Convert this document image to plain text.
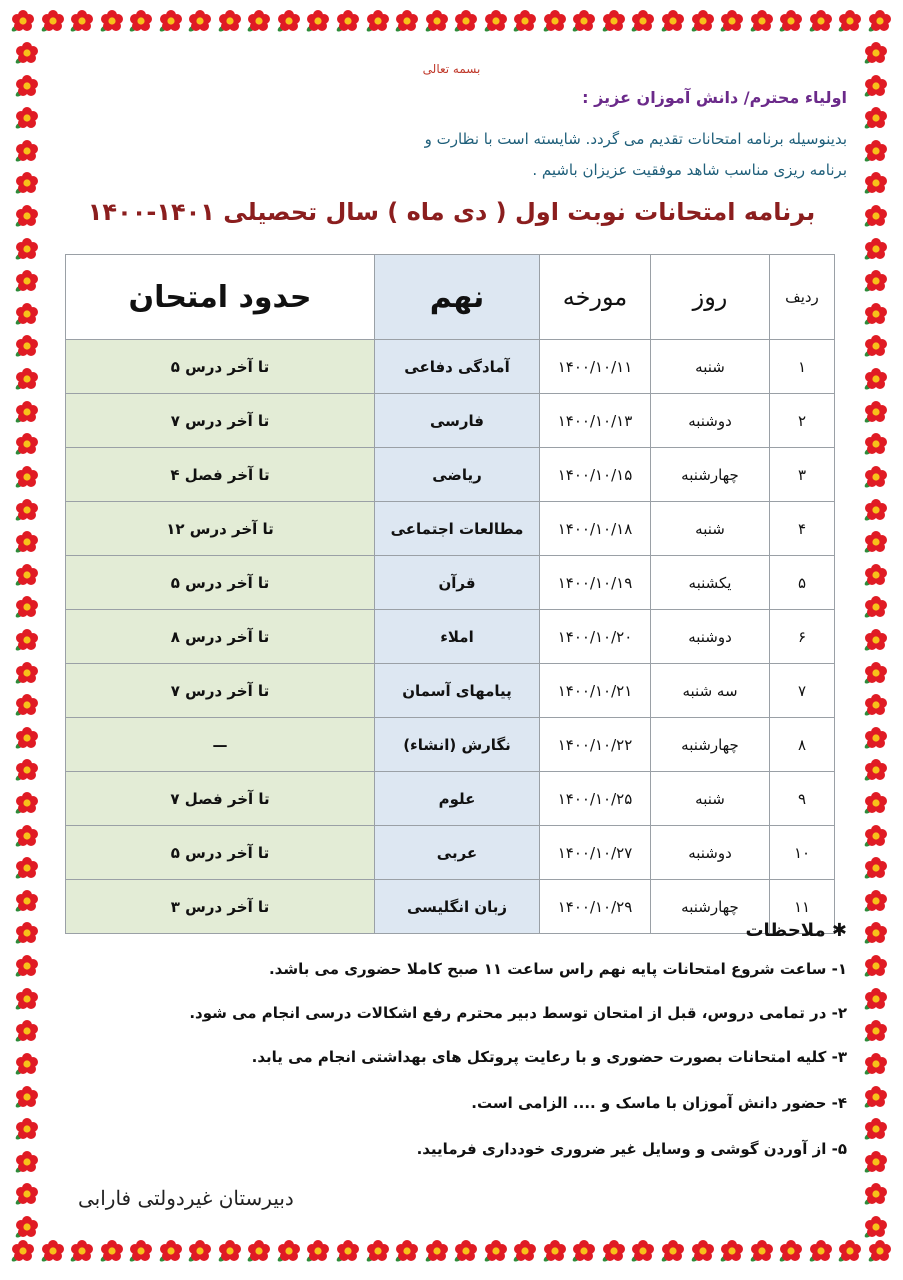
بسمه تعالی
اولیاء محترم/ دانش آموزان عزیز :
بدینوسیله برنامه امتحانات تقدیم می گردد. شایسته است با نظارت و
برنامه ریزی مناسب شاهد موفقیت عزیزان باشیم .
برنامه امتحانات نوبت اول ( دی ماه ) سال تحصیلی ۱۴۰۱-۱۴۰۰
ردیف	روز	مورخه	نهم	حدود امتحان
۱	شنبه	۱۴۰۰/۱۰/۱۱	آمادگی دفاعی	تا آخر درس ۵
۲	دوشنبه	۱۴۰۰/۱۰/۱۳	فارسی	تا آخر درس ۷
۳	چهارشنبه	۱۴۰۰/۱۰/۱۵	ریاضی	تا آخر فصل ۴
۴	شنبه	۱۴۰۰/۱۰/۱۸	مطالعات اجتماعی	تا آخر درس ۱۲
۵	یکشنبه	۱۴۰۰/۱۰/۱۹	قرآن	تا آخر درس ۵
۶	دوشنبه	۱۴۰۰/۱۰/۲۰	املاء	تا آخر درس ۸
۷	سه شنبه	۱۴۰۰/۱۰/۲۱	پیامهای آسمان	تا آخر درس ۷
۸	چهارشنبه	۱۴۰۰/۱۰/۲۲	نگارش (انشاء)	—
۹	شنبه	۱۴۰۰/۱۰/۲۵	علوم	تا آخر فصل ۷
۱۰	دوشنبه	۱۴۰۰/۱۰/۲۷	عربی	تا آخر درس ۵
۱۱	چهارشنبه	۱۴۰۰/۱۰/۲۹	زبان انگلیسی	تا آخر درس ۳
✱ ملاحظات
۱- ساعت شروع امتحانات پایه نهم راس ساعت ۱۱ صبح کاملا حضوری می باشد.
۲- در تمامی دروس، قبل از امتحان توسط دبیر محترم رفع اشکالات درسی انجام می شود.
۳- کلیه امتحانات بصورت حضوری و با رعایت پروتکل های بهداشتی انجام می یابد.
۴- حضور دانش آموزان با ماسک و .... الزامی است.
۵- از آوردن گوشی و وسایل غیر ضروری خودداری فرمایید.
دبیرستان غیردولتی فارابی
